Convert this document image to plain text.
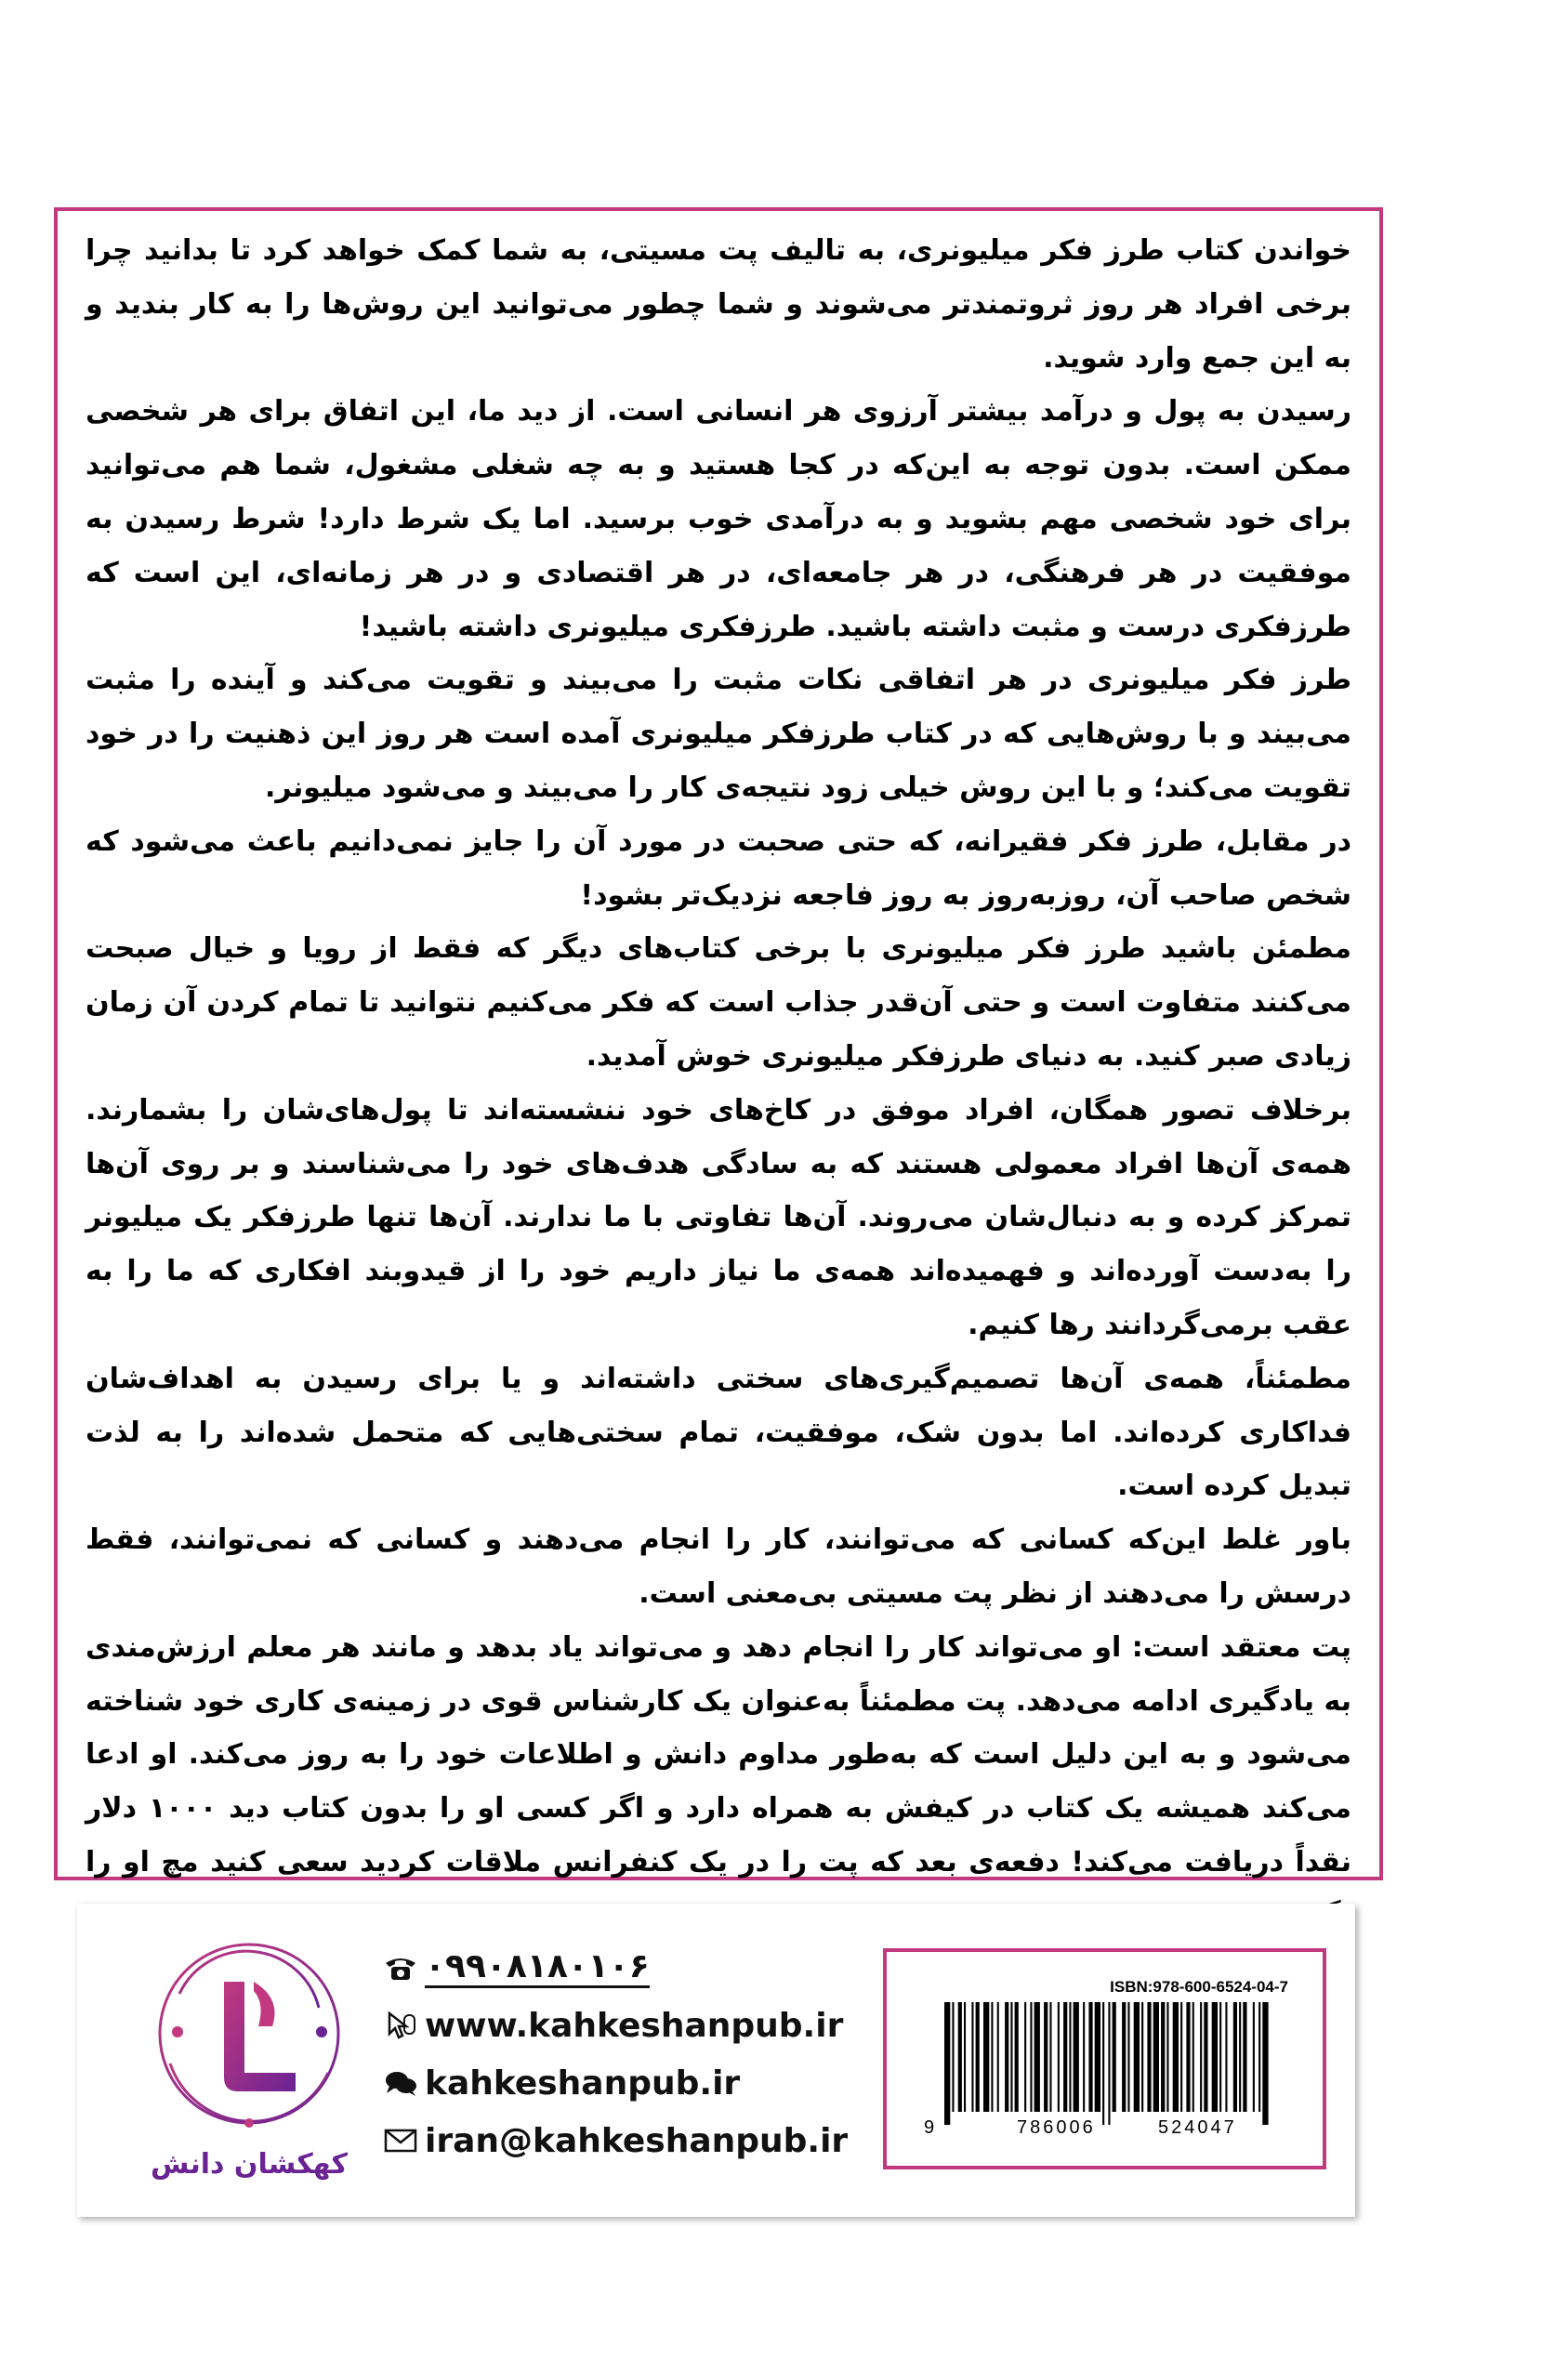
خواندن کتاب طرز فکر میلیونری، به تالیف پت مسیتی، به شما کمک خواهد کرد تا بدانید چرا برخی افراد هر روز ثروتمندتر می‌شوند و شما چطور می‌توانید این روش‌ها را به کار بندید و به این جمع وارد شوید.

رسیدن به پول و درآمد بیشتر آرزوی هر انسانی است. از دید ما، این اتفاق برای هر شخصی ممکن است. بدون توجه به این‌که در کجا هستید و به چه شغلی مشغول، شما هم می‌توانید برای خود شخصی مهم بشوید و به درآمدی خوب برسید. اما یک شرط دارد! شرط رسیدن به موفقیت در هر فرهنگی، در هر جامعه‌ای، در هر اقتصادی و در هر زمانه‌ای، این است که طرزفکری درست و مثبت داشته باشید. طرزفکری میلیونری داشته باشید!

طرز فکر میلیونری در هر اتفاقی نکات مثبت را می‌بیند و تقویت می‌کند و آینده را مثبت می‌بیند و با روش‌هایی که در کتاب طرزفکر میلیونری آمده است هر روز این ذهنیت را در خود تقویت می‌کند؛ و با این روش خیلی زود نتیجه‌ی کار را می‌بیند و می‌شود میلیونر.

در مقابل، طرز فکر فقیرانه، که حتی صحبت در مورد آن را جایز نمی‌دانیم باعث می‌شود که شخص صاحب آن، روزبه‌روز به روز فاجعه نزدیک‌تر بشود!

مطمئن باشید طرز فکر میلیونری با برخی کتاب‌های دیگر که فقط از رویا و خیال صبحت می‌کنند متفاوت است و حتی آن‌قدر جذاب است که فکر می‌کنیم نتوانید تا تمام کردن آن زمان زیادی صبر کنید. به دنیای طرزفکر میلیونری خوش آمدید.

برخلاف تصور همگان، افراد موفق در کاخ‌های خود ننشسته‌اند تا پول‌های‌شان را بشمارند. همه‌ی آن‌ها افراد معمولی هستند که به سادگی هدف‌های خود را می‌شناسند و بر روی آن‌ها تمرکز کرده و به دنبال‌شان می‌روند. آن‌ها تفاوتی با ما ندارند. آن‌ها تنها طرزفکر یک میلیونر را به‌دست آورده‌اند و فهمیده‌اند همه‌ی ما نیاز داریم خود را از قیدوبند افکاری که ما را به عقب برمی‌گردانند رها کنیم.

مطمئناً، همه‌ی آن‌ها تصمیم‌گیری‌های سختی داشته‌اند و یا برای رسیدن به اهداف‌شان فداکاری کرده‌اند. اما بدون شک، موفقیت، تمام سختی‌هایی که متحمل شده‌اند را به لذت تبدیل کرده است.

باور غلط این‌که کسانی که می‌توانند، کار را انجام می‌دهند و کسانی که نمی‌توانند، فقط درسش را می‌دهند از نظر پت مسیتی بی‌معنی است.

پت معتقد است: او می‌تواند کار را انجام دهد و می‌تواند یاد بدهد و مانند هر معلم ارزش‌مندی به یادگیری ادامه می‌دهد. پت مطمئناً به‌عنوان یک کارشناس قوی در زمینه‌ی کاری خود شناخته می‌شود و به این دلیل است که به‌طور مداوم دانش و اطلاعات خود را به روز می‌کند. او ادعا می‌کند همیشه یک کتاب در کیفش به همراه دارد و اگر کسی او را بدون کتاب دید ۱۰۰۰ دلار نقداً دریافت می‌کند! دفعه‌ی بعد که پت را در یک کنفرانس ملاقات کردید سعی کنید مچ او را

کهکشان دانش
۰۹۹۰۸۱۸۰۱۰۶
www.kahkeshanpub.ir
kahkeshanpub.ir
iran@kahkeshanpub.ir
ISBN:978-600-6524-04-7
9	786006	524047
